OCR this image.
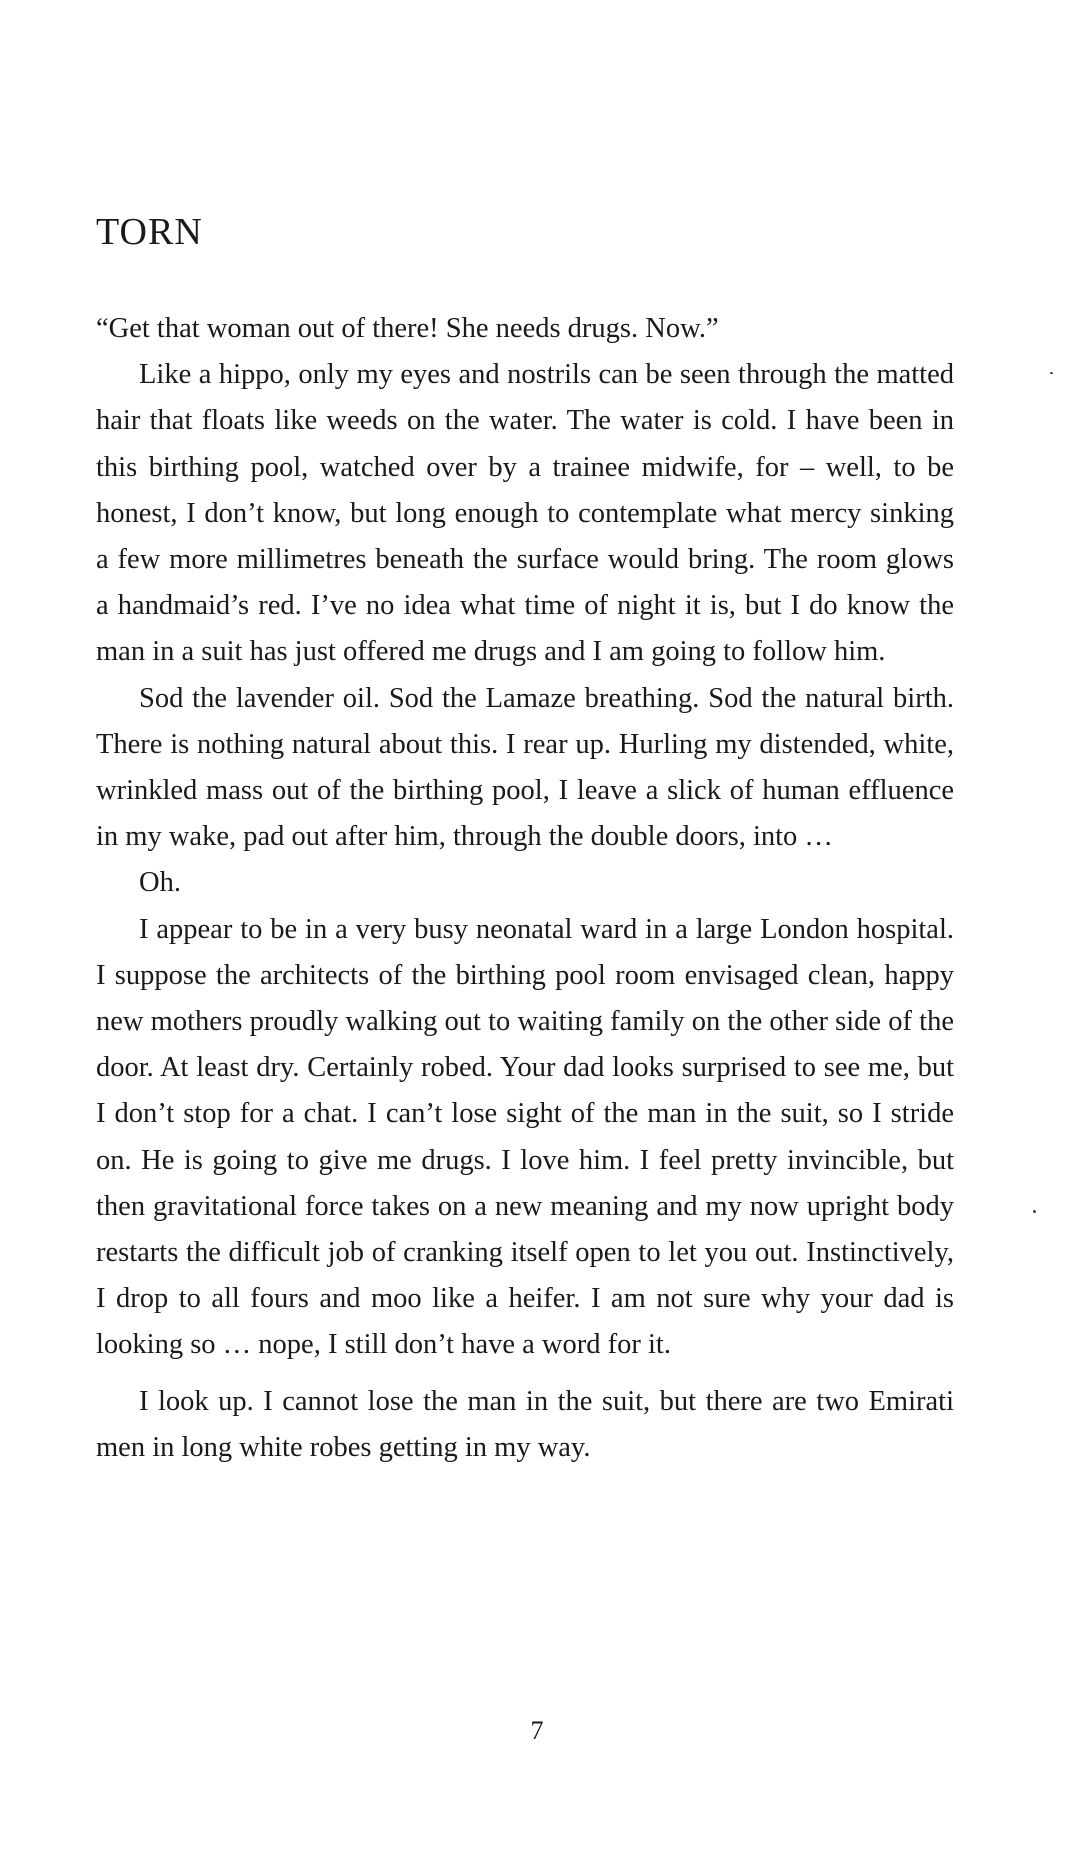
TORN

“Get that woman out of there! She needs drugs. Now.”

Like a hippo, only my eyes and nostrils can be seen through the matted hair that floats like weeds on the water. The water is cold. I have been in this birthing pool, watched over by a trainee midwife, for – well, to be honest, I don’t know, but long enough to contemplate what mercy sinking a few more millimetres beneath the surface would bring. The room glows a handmaid’s red. I’ve no idea what time of night it is, but I do know the man in a suit has just offered me drugs and I am going to follow him.

Sod the lavender oil. Sod the Lamaze breathing. Sod the natural birth. There is nothing natural about this. I rear up. Hurling my distended, white, wrinkled mass out of the birthing pool, I leave a slick of human effluence in my wake, pad out after him, through the double doors, into …

Oh.

I appear to be in a very busy neonatal ward in a large London hospital. I suppose the architects of the birthing pool room envisaged clean, happy new mothers proudly walking out to waiting family on the other side of the door. At least dry. Certainly robed. Your dad looks surprised to see me, but I don’t stop for a chat. I can’t lose sight of the man in the suit, so I stride on. He is going to give me drugs. I love him. I feel pretty invincible, but then gravitational force takes on a new meaning and my now upright body restarts the difficult job of cranking itself open to let you out. Instinctively, I drop to all fours and moo like a heifer. I am not sure why your dad is looking so … nope, I still don’t have a word for it.

I look up. I cannot lose the man in the suit, but there are two Emirati men in long white robes getting in my way.

7
